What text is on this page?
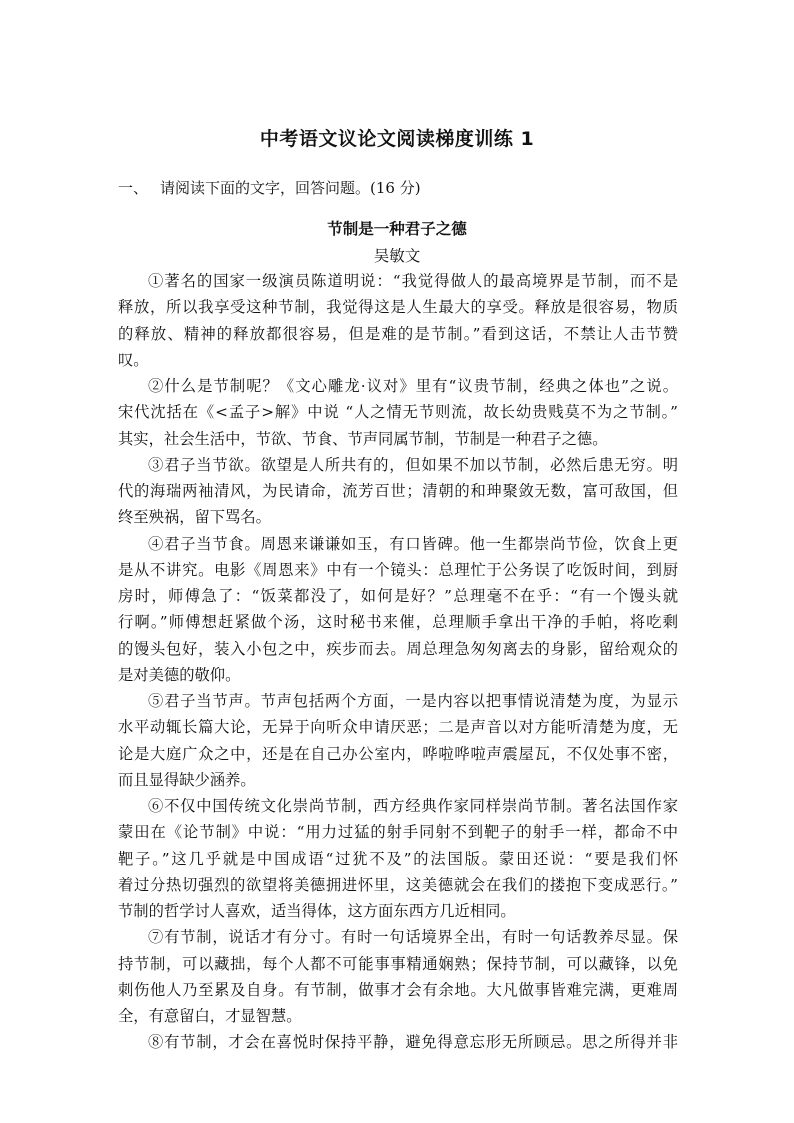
中考语文议论文阅读梯度训练 1
一、 请阅读下面的文字，回答问题。(16 分)
节制是一种君子之德
吴敏文
①著名的国家一级演员陈道明说：“我觉得做人的最高境界是节制，而不是
释放，所以我享受这种节制，我觉得这是人生最大的享受。释放是很容易，物质
的释放、精神的释放都很容易，但是难的是节制。”看到这话，不禁让人击节赞
叹。
②什么是节制呢？《文心雕龙·议对》里有“议贵节制，经典之体也”之说。
宋代沈括在《<孟子>解》中说 “人之情无节则流，故长幼贵贱莫不为之节制。”
其实，社会生活中，节欲、节食、节声同属节制，节制是一种君子之德。
③君子当节欲。欲望是人所共有的，但如果不加以节制，必然后患无穷。明
代的海瑞两袖清风，为民请命，流芳百世；清朝的和珅聚敛无数，富可敌国，但
终至殃祸，留下骂名。
④君子当节食。周恩来谦谦如玉，有口皆碑。他一生都崇尚节俭，饮食上更
是从不讲究。电影《周恩来》中有一个镜头：总理忙于公务误了吃饭时间，到厨
房时，师傅急了：“饭菜都没了，如何是好？”总理毫不在乎：“有一个馒头就
行啊。”师傅想赶紧做个汤，这时秘书来催，总理顺手拿出干净的手帕，将吃剩
的馒头包好，装入小包之中，疾步而去。周总理急匆匆离去的身影，留给观众的
是对美德的敬仰。
⑤君子当节声。节声包括两个方面，一是内容以把事情说清楚为度，为显示
水平动辄长篇大论，无异于向听众申请厌恶；二是声音以对方能听清楚为度，无
论是大庭广众之中，还是在自己办公室内，哗啦哗啦声震屋瓦，不仅处事不密，
而且显得缺少涵养。
⑥不仅中国传统文化崇尚节制，西方经典作家同样崇尚节制。著名法国作家
蒙田在《论节制》中说：“用力过猛的射手同射不到靶子的射手一样，都命不中
靶子。”这几乎就是中国成语“过犹不及”的法国版。蒙田还说：“要是我们怀
着过分热切强烈的欲望将美德拥进怀里，这美德就会在我们的搂抱下变成恶行。”
节制的哲学讨人喜欢，适当得体，这方面东西方几近相同。
⑦有节制，说话才有分寸。有时一句话境界全出，有时一句话教养尽显。保
持节制，可以藏拙，每个人都不可能事事精通娴熟；保持节制，可以藏锋，以免
刺伤他人乃至累及自身。有节制，做事才会有余地。大凡做事皆难完满，更难周
全，有意留白，才显智慧。
⑧有节制，才会在喜悦时保持平静，避免得意忘形无所顾忌。思之所得并非
